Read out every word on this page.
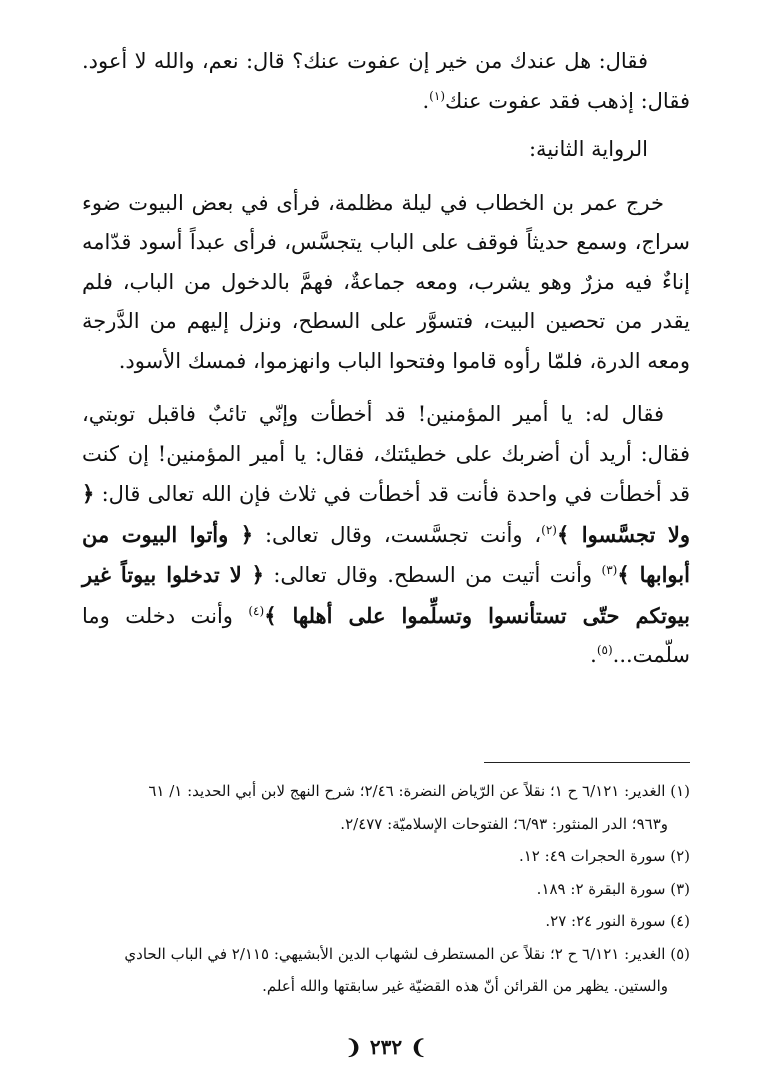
فقال: هل عندك من خير إن عفوت عنك؟ قال: نعم، والله لا أعود. فقال: إذهب فقد عفوت عنك$^{(١)}$.

الرواية الثانية:

خرج عمر بن الخطاب في ليلة مظلمة، فرأى في بعض البيوت ضوء سراج، وسمع حديثاً فوقف على الباب يتجسَّس، فرأى عبداً أسود قدّامه إناءٌ فيه مزرٌ وهو يشرب، ومعه جماعةٌ، فهمَّ بالدخول من الباب، فلم يقدر من تحصين البيت، فتسوَّر على السطح، ونزل إليهم من الدَّرجة ومعه الدرة، فلمّا رأوه قاموا وفتحوا الباب وانهزموا، فمسك الأسود.

فقال له: يا أمير المؤمنين! قد أخطأت وإنّي تائبٌ فاقبل توبتي، فقال: أريد أن أضربك على خطيئتك، فقال: يا أمير المؤمنين! إن كنت قد أخطأت في واحدة فأنت قد أخطأت في ثلاث فإن الله تعالى قال: ﴿ ولا تجسَّسوا ﴾$^{(٢)}$، وأنت تجسَّست، وقال تعالى: ﴿ وأتوا البيوت من أبوابها ﴾$^{(٣)}$ وأنت أتيت من السطح. وقال تعالى: ﴿ لا تدخلوا بيوتاً غير بيوتكم حتّى تستأنسوا وتسلِّموا على أهلها ﴾$^{(٤)}$ وأنت دخلت وما سلّمت...$^{(٥)}$.

(١) الغدير: ٦/١٢١ ح ١؛ نقلاً عن الرّياض النضرة: ٢/٤٦؛ شرح النهج لابن أبي الحديد: ١/ ٦١

و٩٦٣؛ الدر المنثور: ٦/٩٣؛ الفتوحات الإسلاميّة: ٢/٤٧٧.

(٢) سورة الحجرات ٤٩: ١٢.

(٣) سورة البقرة ٢: ١٨٩.

(٤) سورة النور ٢٤: ٢٧.

(٥) الغدير: ٦/١٢١ ح ٢؛ نقلاً عن المستطرف لشهاب الدين الأبشيهي: ٢/١١٥ في الباب الحادي

والستين. يظهر من القرائن أنّ هذه القضيّة غير سابقتها والله أعلم.

❩٢٣٢❨
